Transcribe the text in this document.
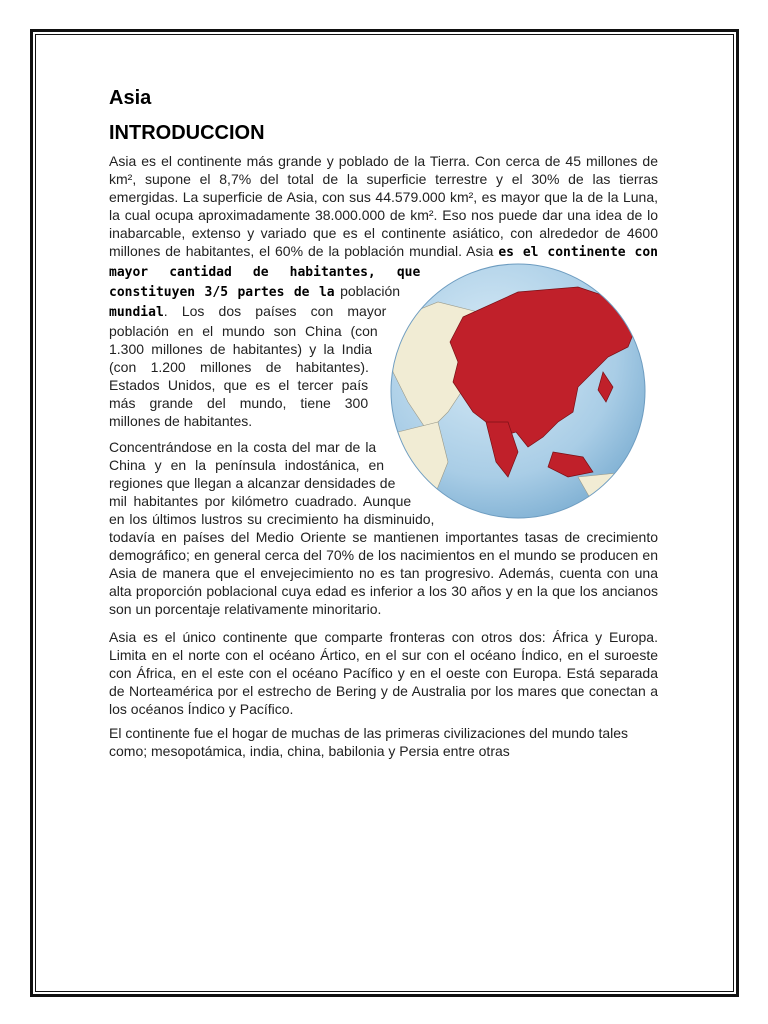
Asia
INTRODUCCION

Asia es el continente más grande y poblado de la Tierra. Con cerca de 45 millones de km², supone el 8,7% del total de la superficie terrestre y el 30% de las tierras emergidas. La superficie de Asia, con sus 44.579.000 km², es mayor que la de la Luna, la cual ocupa aproximadamente 38.000.000 de km². Eso nos puede dar una idea de lo inabarcable, extenso y variado que es el continente asiático, con alrededor de 4600 millones de habitantes, el 60% de la población mundial. Asia
es el continente con mayor cantidad de habitantes, que constituyen 3/5 partes de la población mundial. Los dos países con mayor población en el mundo son China (con 1.300 millones de habitantes) y la India (con 1.200 millones de habitantes). Estados Unidos, que es el tercer país más grande del mundo, tiene 300 millones de habitantes.

Concentrándose en la costa del mar de la China y en la península indostánica, en regiones que llegan a alcanzar densidades de mil habitantes por kilómetro cuadrado. Aunque en los últimos lustros su crecimiento ha disminuido, todavía en países del Medio Oriente se mantienen importantes tasas de crecimiento demográfico; en general cerca del 70% de los nacimientos en el mundo se producen en Asia de manera que el envejecimiento no es tan progresivo. Además, cuenta con una alta proporción poblacional cuya edad es inferior a los 30 años y en la que los ancianos son un porcentaje relativamente minoritario.

Asia es el único continente que comparte fronteras con otros dos: África y Europa. Limita en el norte con el océano Ártico, en el sur con el océano Índico, en el suroeste con África, en el este con el océano Pacífico y en el oeste con Europa. Está separada de Norteamérica por el estrecho de Bering y de Australia por los mares que conectan a los océanos Índico y Pacífico.

El continente fue el hogar de muchas de las primeras civilizaciones del mundo tales como; mesopotámica, india, china, babilonia y Persia entre otras
